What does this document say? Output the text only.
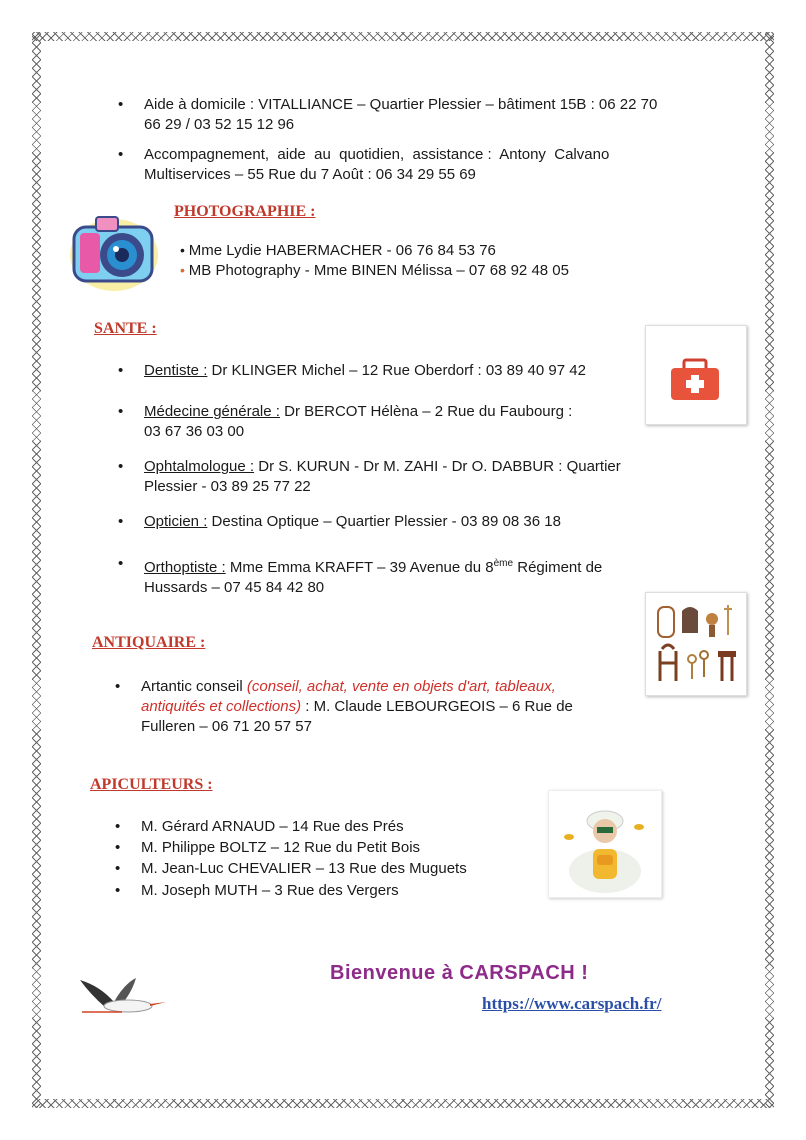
• Aide à domicile : VITALLIANCE – Quartier Plessier – bâtiment 15B : 06 22 70
66 29 / 03 52 15 12 96
• Accompagnement,  aide  au  quotidien,  assistance :  Antony  Calvano
Multiservices – 55 Rue du 7 Août : 06 34 29 55 69
PHOTOGRAPHIE :
• Mme Lydie HABERMACHER - 06 76 84 53 76
• MB Photography - Mme BINEN Mélissa – 07 68 92 48 05
SANTE :
• Dentiste : Dr KLINGER Michel – 12 Rue Oberdorf : 03 89 40 97 42
• Médecine générale : Dr BERCOT Hélèna – 2 Rue du Faubourg :
03 67 36 03 00
• Ophtalmologue : Dr S. KURUN - Dr M. ZAHI - Dr O. DABBUR : Quartier
Plessier - 03 89 25 77 22
• Opticien : Destina Optique – Quartier Plessier - 03 89 08 36 18
• Orthoptiste : Mme Emma KRAFFT – 39 Avenue du 8ème Régiment de
Hussards – 07 45 84 42 80
ANTIQUAIRE :
• Artantic conseil (conseil, achat, vente en objets d'art, tableaux,
antiquités et collections) : M. Claude LEBOURGEOIS – 6 Rue de
Fulleren – 06 71 20 57 57
APICULTEURS :
• M. Gérard ARNAUD – 14 Rue des Prés
• M. Philippe BOLTZ – 12 Rue du Petit Bois
• M. Jean-Luc CHEVALIER – 13 Rue des Muguets
• M. Joseph MUTH – 3 Rue des Vergers
Bienvenue à CARSPACH !
https://www.carspach.fr/
